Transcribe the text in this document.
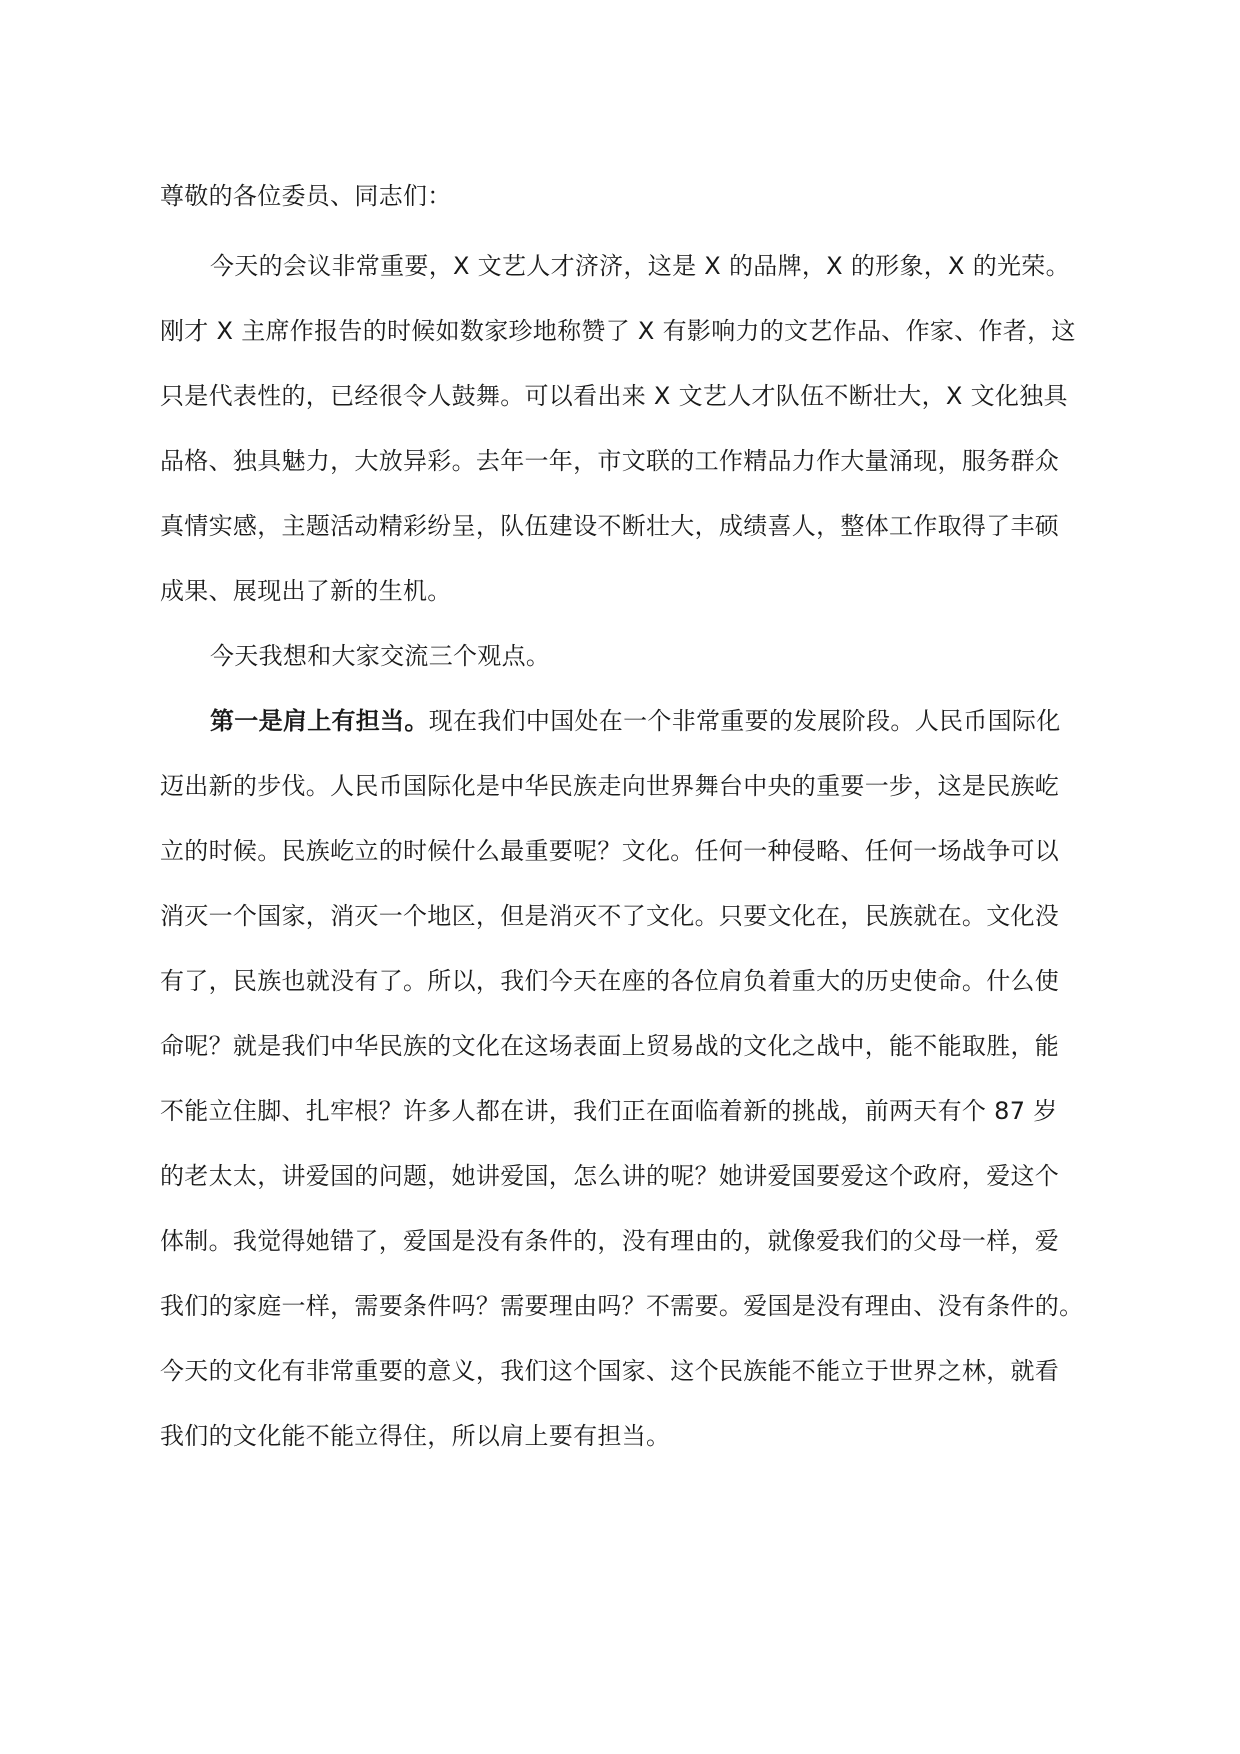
尊敬的各位委员、同志们：
今天的会议非常重要，X 文艺人才济济，这是 X 的品牌，X 的形象，X 的光荣。
刚才 X 主席作报告的时候如数家珍地称赞了 X 有影响力的文艺作品、作家、作者，这
只是代表性的，已经很令人鼓舞。可以看出来 X 文艺人才队伍不断壮大，X 文化独具
品格、独具魅力，大放异彩。去年一年，市文联的工作精品力作大量涌现，服务群众
真情实感，主题活动精彩纷呈，队伍建设不断壮大，成绩喜人，整体工作取得了丰硕
成果、展现出了新的生机。
今天我想和大家交流三个观点。
第一是肩上有担当。现在我们中国处在一个非常重要的发展阶段。人民币国际化
迈出新的步伐。人民币国际化是中华民族走向世界舞台中央的重要一步，这是民族屹
立的时候。民族屹立的时候什么最重要呢？文化。任何一种侵略、任何一场战争可以
消灭一个国家，消灭一个地区，但是消灭不了文化。只要文化在，民族就在。文化没
有了，民族也就没有了。所以，我们今天在座的各位肩负着重大的历史使命。什么使
命呢？就是我们中华民族的文化在这场表面上贸易战的文化之战中，能不能取胜，能
不能立住脚、扎牢根？许多人都在讲，我们正在面临着新的挑战，前两天有个 87 岁
的老太太，讲爱国的问题，她讲爱国，怎么讲的呢？她讲爱国要爱这个政府，爱这个
体制。我觉得她错了，爱国是没有条件的，没有理由的，就像爱我们的父母一样，爱
我们的家庭一样，需要条件吗？需要理由吗？不需要。爱国是没有理由、没有条件的。
今天的文化有非常重要的意义，我们这个国家、这个民族能不能立于世界之林，就看
我们的文化能不能立得住，所以肩上要有担当。
